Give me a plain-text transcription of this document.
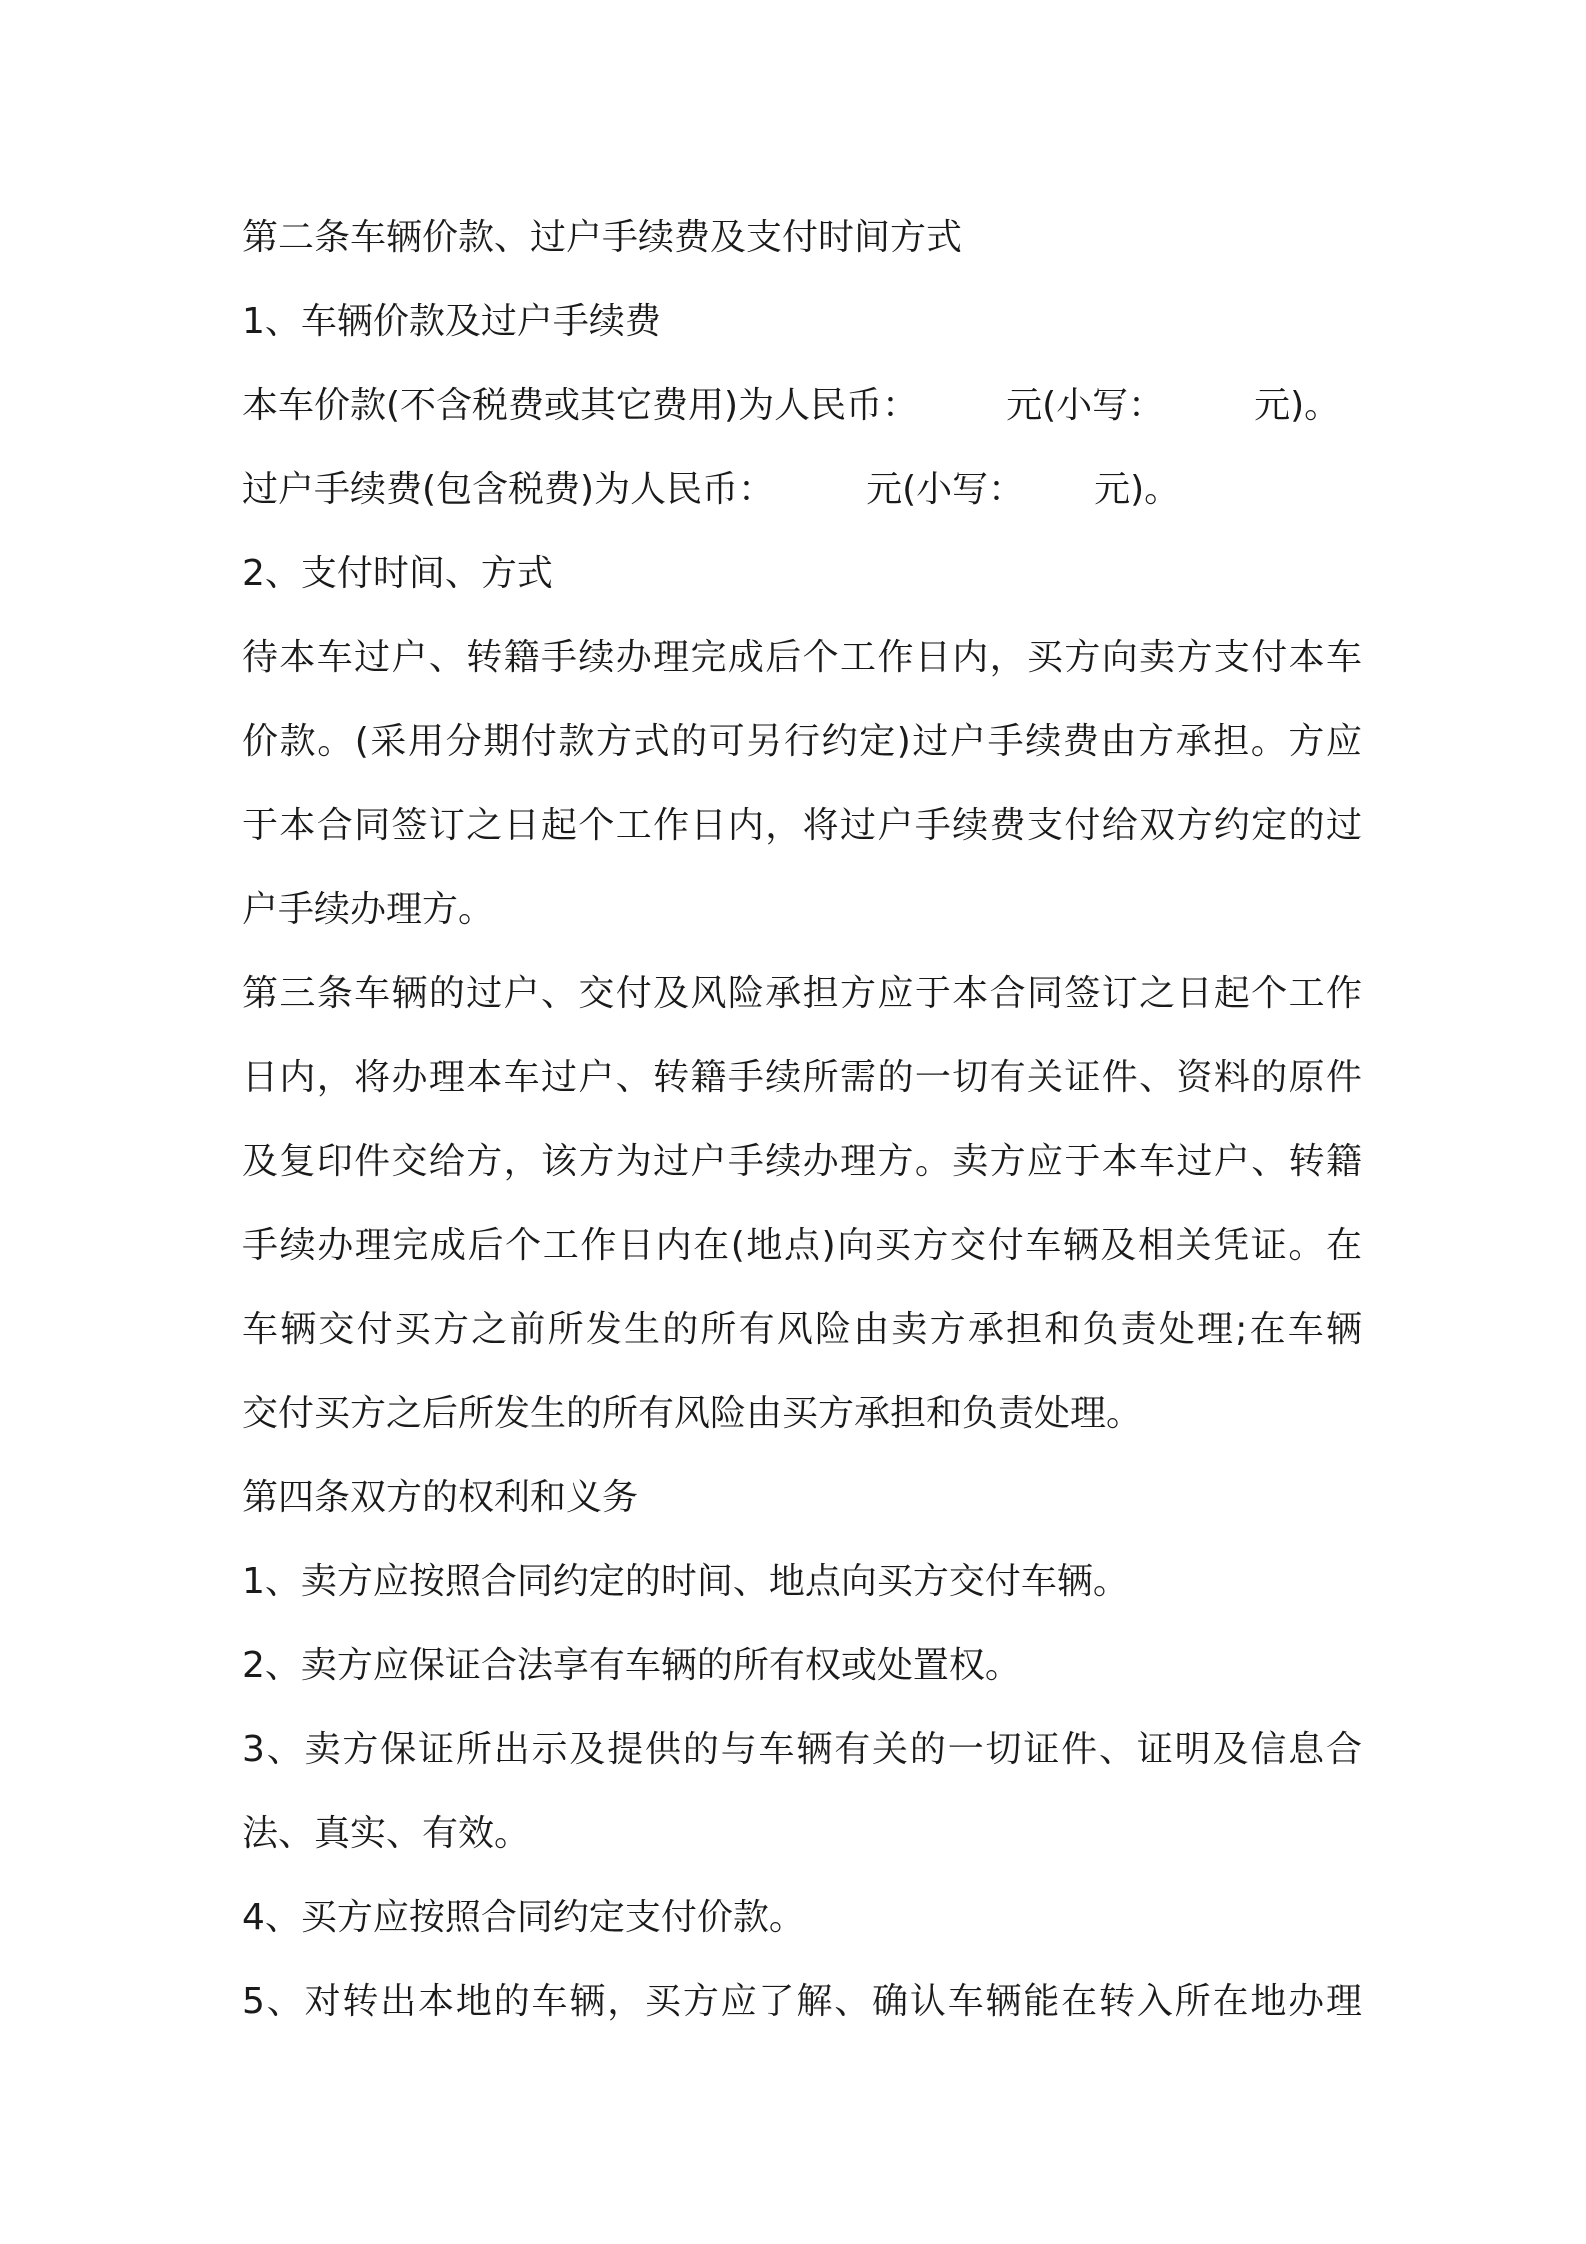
第二条车辆价款、过户手续费及支付时间方式
1、车辆价款及过户手续费
本车价款(不含税费或其它费用)为人民币： 元(小写：	元)。
过户手续费(包含税费)为人民币：	元(小写： 元)。
2、支付时间、方式
待本车过户、转籍手续办理完成后个工作日内，买方向卖方支付本车
价款。(采用分期付款方式的可另行约定)过户手续费由方承担。方应
于本合同签订之日起个工作日内，将过户手续费支付给双方约定的过
户手续办理方。
第三条车辆的过户、交付及风险承担方应于本合同签订之日起个工作
日内，将办理本车过户、转籍手续所需的一切有关证件、资料的原件
及复印件交给方，该方为过户手续办理方。卖方应于本车过户、转籍
手续办理完成后个工作日内在(地点)向买方交付车辆及相关凭证。在
车辆交付买方之前所发生的所有风险由卖方承担和负责处理;在车辆
交付买方之后所发生的所有风险由买方承担和负责处理。
第四条双方的权利和义务
1、卖方应按照合同约定的时间、地点向买方交付车辆。
2、卖方应保证合法享有车辆的所有权或处置权。
3、卖方保证所出示及提供的与车辆有关的一切证件、证明及信息合
法、真实、有效。
4、买方应按照合同约定支付价款。
5、对转出本地的车辆，买方应了解、确认车辆能在转入所在地办理
